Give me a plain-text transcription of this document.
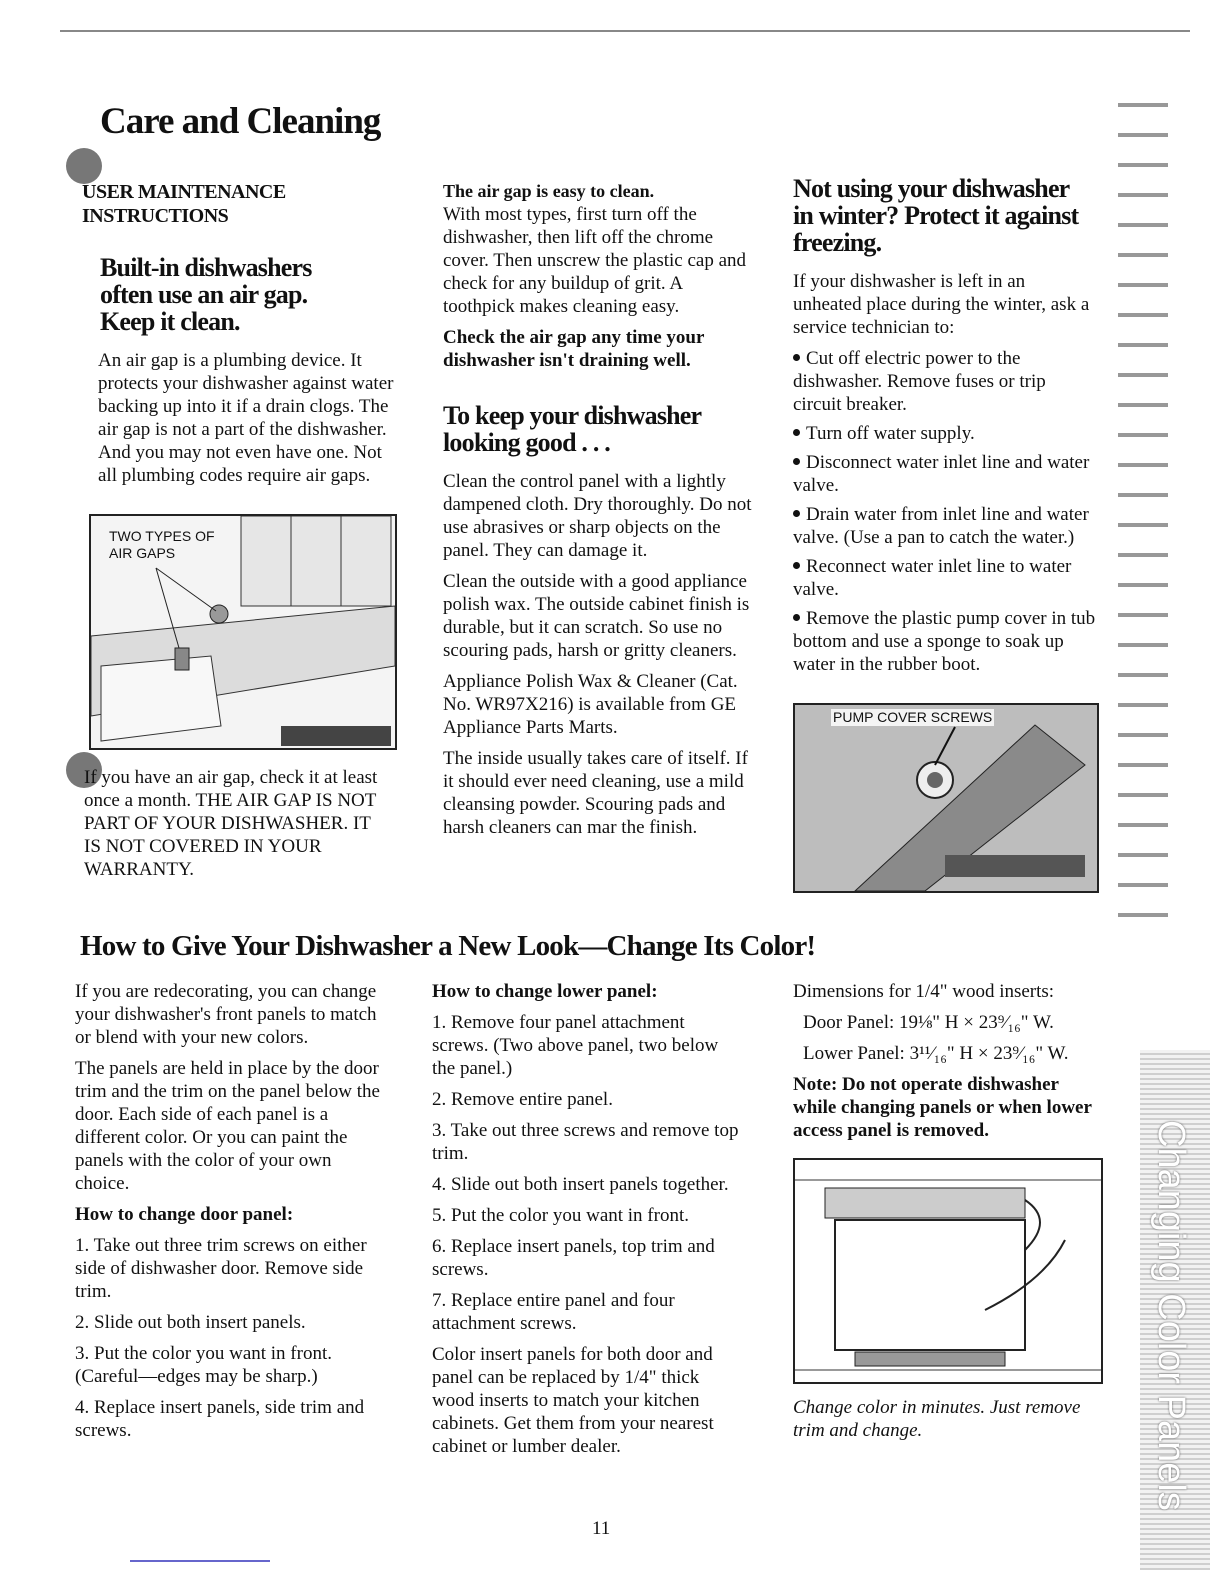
Care and Cleaning
USER MAINTENANCE INSTRUCTIONS
Built-in dishwashers often use an air gap. Keep it clean.

An air gap is a plumbing device. It protects your dishwasher against water backing up into it if a drain clogs. The air gap is not a part of the dishwasher. And you may not even have one. Not all plumbing codes require air gaps.

TWO TYPES OF AIR GAPS

If you have an air gap, check it at least once a month. THE AIR GAP IS NOT PART OF YOUR DISHWASHER. IT IS NOT COVERED IN YOUR WARRANTY.

The air gap is easy to clean.

With most types, first turn off the dishwasher, then lift off the chrome cover. Then unscrew the plastic cap and check for any buildup of grit. A toothpick makes cleaning easy.

Check the air gap any time your dishwasher isn't draining well.

To keep your dishwasher looking good . . .

Clean the control panel with a lightly dampened cloth. Dry thoroughly. Do not use abrasives or sharp objects on the panel. They can damage it.

Clean the outside with a good appliance polish wax. The outside cabinet finish is durable, but it can scratch. So use no scouring pads, harsh or gritty cleaners.

Appliance Polish Wax & Cleaner (Cat. No. WR97X216) is available from GE Appliance Parts Marts.

The inside usually takes care of itself. If it should ever need cleaning, use a mild cleansing powder. Scouring pads and harsh cleaners can mar the finish.

Not using your dishwasher in winter? Protect it against freezing.

If your dishwasher is left in an unheated place during the winter, ask a service technician to:

Cut off electric power to the dishwasher. Remove fuses or trip circuit breaker.
Turn off water supply.
Disconnect water inlet line and water valve.
Drain water from inlet line and water valve. (Use a pan to catch the water.)
Reconnect water inlet line to water valve.
Remove the plastic pump cover in tub bottom and use a sponge to soak up water in the rubber boot.
PUMP COVER SCREWS
How to Give Your Dishwasher a New Look—Change Its Color!

If you are redecorating, you can change your dishwasher's front panels to match or blend with your new colors.

The panels are held in place by the door trim and the trim on the panel below the door. Each side of each panel is a different color. Or you can paint the panels with the color of your own choice.

How to change door panel:
1. Take out three trim screws on either side of dishwasher door. Remove side trim.
2. Slide out both insert panels.
3. Put the color you want in front. (Careful—edges may be sharp.)
4. Replace insert panels, side trim and screws.
How to change lower panel:
1. Remove four panel attachment screws. (Two above panel, two below the panel.)
2. Remove entire panel.
3. Take out three screws and remove top trim.
4. Slide out both insert panels together.
5. Put the color you want in front.
6. Replace insert panels, top trim and screws.
7. Replace entire panel and four attachment screws.

Color insert panels for both door and panel can be replaced by 1/4" thick wood inserts to match your kitchen cabinets. Get them from your nearest cabinet or lumber dealer.

Dimensions for 1/4" wood inserts:

Door Panel: 19⅛" H × 23⁹⁄₁₆" W.

Lower Panel: 3¹¹⁄₁₆" H × 23⁹⁄₁₆" W.

Note: Do not operate dishwasher while changing panels or when lower access panel is removed.

Change color in minutes. Just remove trim and change.	Changing Color Panels
11
